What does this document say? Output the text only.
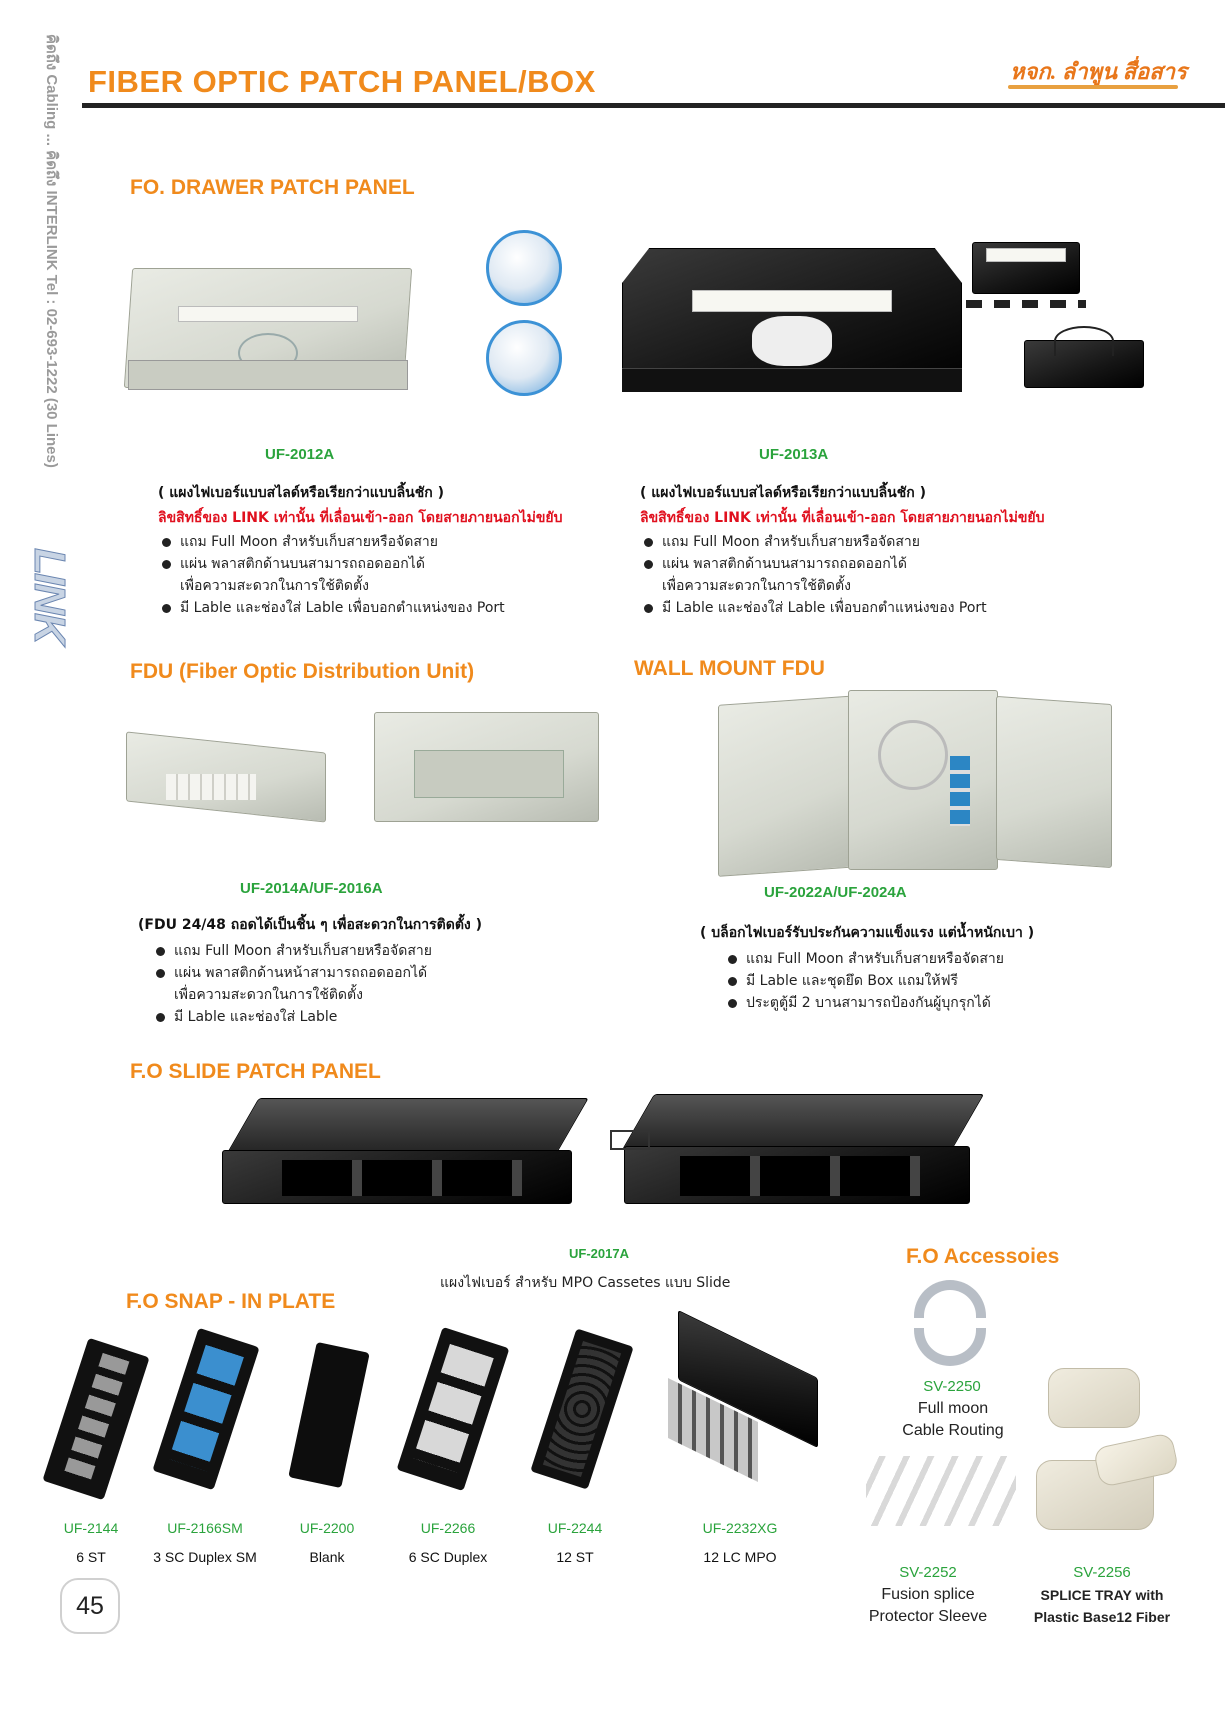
FIBER OPTIC PATCH PANEL/BOX	หจก. ลำพูน สื่อสาร
คิดถึง Cabling ... คิดถึง INTERLINK Tel : 02-693-1222 (30 Lines)
LINK
FO. DRAWER PATCH PANEL
UF-2012A	UF-2013A
( แผงไฟเบอร์แบบสไลด์หรือเรียกว่าแบบลิ้นชัก )
ลิขสิทธิ์ของ LINK เท่านั้น ที่เลื่อนเข้า-ออก โดยสายภายนอกไม่ขยับ
แถม Full Moon สำหรับเก็บสายหรือจัดสาย
แผ่น พลาสติกด้านบนสามารถถอดออกได้
เพื่อความสะดวกในการใช้ติดตั้ง
มี Lable และช่องใส่ Lable เพื่อบอกตำแหน่งของ Port
( แผงไฟเบอร์แบบสไลด์หรือเรียกว่าแบบลิ้นชัก )
ลิขสิทธิ์ของ LINK เท่านั้น ที่เลื่อนเข้า-ออก โดยสายภายนอกไม่ขยับ
แถม Full Moon สำหรับเก็บสายหรือจัดสาย
แผ่น พลาสติกด้านบนสามารถถอดออกได้
เพื่อความสะดวกในการใช้ติดตั้ง
มี Lable และช่องใส่ Lable เพื่อบอกตำแหน่งของ Port
FDU (Fiber Optic Distribution Unit)
UF-2014A/UF-2016A
(FDU 24/48 ถอดได้เป็นชิ้น ๆ เพื่อสะดวกในการติดตั้ง )
แถม Full Moon สำหรับเก็บสายหรือจัดสาย
แผ่น พลาสติกด้านหน้าสามารถถอดออกได้
เพื่อความสะดวกในการใช้ติดตั้ง
มี Lable และช่องใส่ Lable
WALL MOUNT FDU
UF-2022A/UF-2024A
( บล็อกไฟเบอร์รับประกันความแข็งแรง แต่น้ำหนักเบา )
แถม Full Moon สำหรับเก็บสายหรือจัดสาย
มี Lable และชุดยึด Box แถมให้ฟรี
ประตูตู้มี 2 บานสามารถป้องกันผู้บุกรุกได้
F.O SLIDE PATCH PANEL
UF-2017A
แผงไฟเบอร์ สำหรับ MPO Cassetes แบบ Slide
F.O SNAP - IN PLATE
UF-2144
6 ST
UF-2166SM
3 SC Duplex SM
UF-2200
Blank
UF-2266
6 SC Duplex
UF-2244
12 ST
UF-2232XG
12 LC MPO
F.O Accessoies
SV-2250
Full moon
Cable Routing
SV-2252
Fusion splice
Protector Sleeve
SV-2256
SPLICE TRAY with
Plastic Base12 Fiber
45
